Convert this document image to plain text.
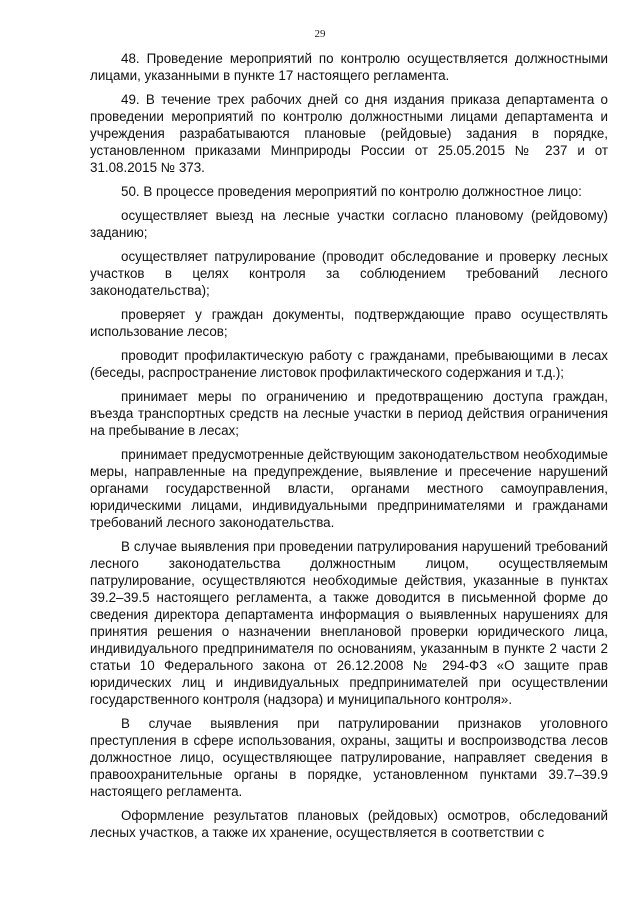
29

48. Проведение мероприятий по контролю осуществляется должностными лицами, указанными в пункте 17 настоящего регламента.

49. В течение трех рабочих дней со дня издания приказа департамента о проведении мероприятий по контролю должностными лицами департамента и учреждения разрабатываются плановые (рейдовые) задания в порядке, установленном приказами Минприроды России от 25.05.2015 № 237 и от 31.08.2015 № 373.

50. В процессе проведения мероприятий по контролю должностное лицо:

осуществляет выезд на лесные участки согласно плановому (рейдовому) заданию;

осуществляет патрулирование (проводит обследование и проверку лесных участков в целях контроля за соблюдением требований лесного законодательства);

проверяет у граждан документы, подтверждающие право осуществлять использование лесов;

проводит профилактическую работу с гражданами, пребывающими в лесах (беседы, распространение листовок профилактического содержания и т.д.);

принимает меры по ограничению и предотвращению доступа граждан, въезда транспортных средств на лесные участки в период действия ограничения на пребывание в лесах;

принимает предусмотренные действующим законодательством необходимые меры, направленные на предупреждение, выявление и пресечение нарушений органами государственной власти, органами местного самоуправления, юридическими лицами, индивидуальными предпринимателями и гражданами требований лесного законодательства.

В случае выявления при проведении патрулирования нарушений требований лесного законодательства должностным лицом, осуществляемым патрулирование, осуществляются необходимые действия, указанные в пунктах 39.2–39.5 настоящего регламента, а также доводится в письменной форме до сведения директора департамента информация о выявленных нарушениях для принятия решения о назначении внеплановой проверки юридического лица, индивидуального предпринимателя по основаниям, указанным в пункте 2 части 2 статьи 10 Федерального закона от 26.12.2008 № 294-ФЗ «О защите прав юридических лиц и индивидуальных предпринимателей при осуществлении государственного контроля (надзора) и муниципального контроля».

В случае выявления при патрулировании признаков уголовного преступления в сфере использования, охраны, защиты и воспроизводства лесов должностное лицо, осуществляющее патрулирование, направляет сведения в правоохранительные органы в порядке, установленном пунктами 39.7–39.9 настоящего регламента.

Оформление результатов плановых (рейдовых) осмотров, обследований лесных участков, а также их хранение, осуществляется в соответствии с
